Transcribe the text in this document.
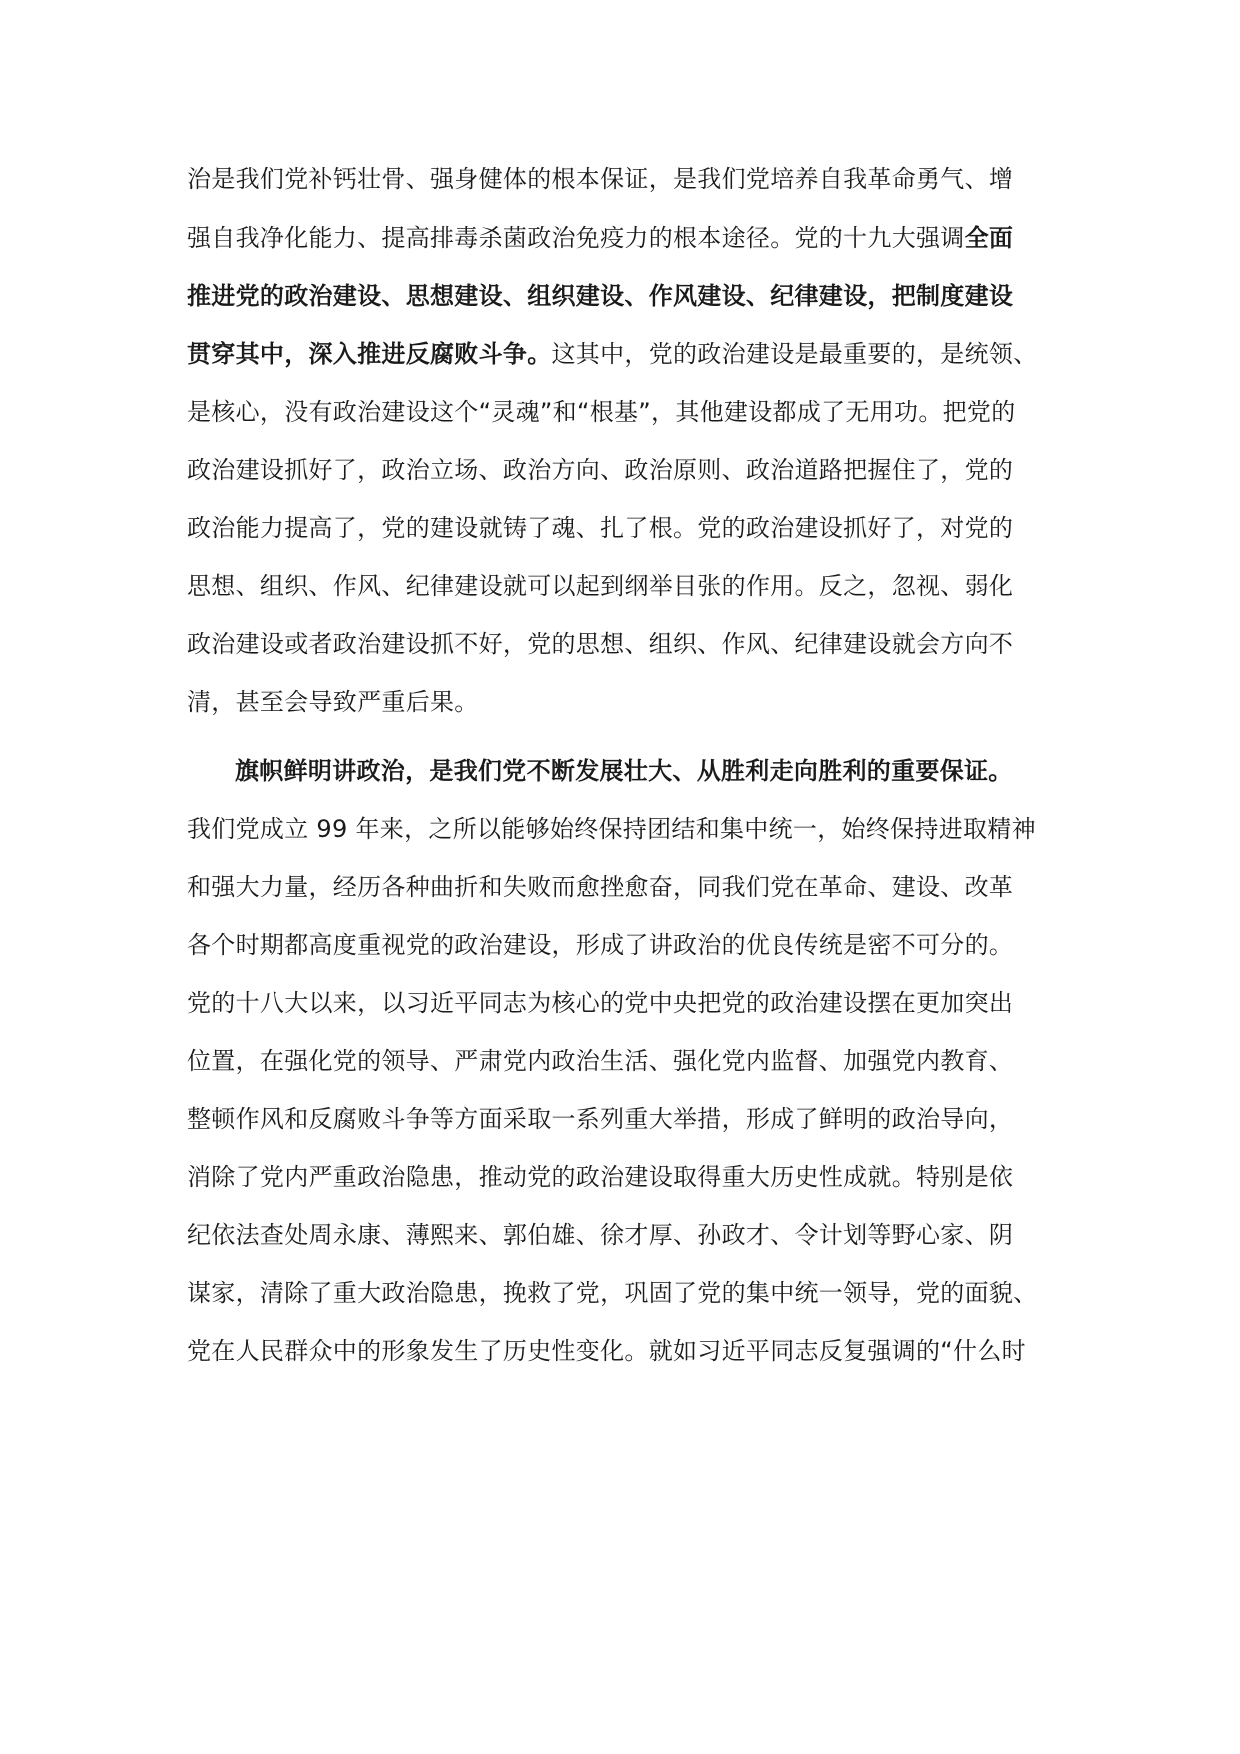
治是我们党补钙壮骨、强身健体的根本保证，是我们党培养自我革命勇气、增
强自我净化能力、提高排毒杀菌政治免疫力的根本途径。党的十九大强调全面
推进党的政治建设、思想建设、组织建设、作风建设、纪律建设，把制度建设
贯穿其中，深入推进反腐败斗争。这其中，党的政治建设是最重要的，是统领、
是核心，没有政治建设这个“灵魂”和“根基”，其他建设都成了无用功。把党的
政治建设抓好了，政治立场、政治方向、政治原则、政治道路把握住了，党的
政治能力提高了，党的建设就铸了魂、扎了根。党的政治建设抓好了，对党的
思想、组织、作风、纪律建设就可以起到纲举目张的作用。反之，忽视、弱化
政治建设或者政治建设抓不好，党的思想、组织、作风、纪律建设就会方向不
清，甚至会导致严重后果。
旗帜鲜明讲政治，是我们党不断发展壮大、从胜利走向胜利的重要保证。
我们党成立 99 年来，之所以能够始终保持团结和集中统一，始终保持进取精神
和强大力量，经历各种曲折和失败而愈挫愈奋，同我们党在革命、建设、改革
各个时期都高度重视党的政治建设，形成了讲政治的优良传统是密不可分的。
党的十八大以来，以习近平同志为核心的党中央把党的政治建设摆在更加突出
位置，在强化党的领导、严肃党内政治生活、强化党内监督、加强党内教育、
整顿作风和反腐败斗争等方面采取一系列重大举措，形成了鲜明的政治导向，
消除了党内严重政治隐患，推动党的政治建设取得重大历史性成就。特别是依
纪依法查处周永康、薄熙来、郭伯雄、徐才厚、孙政才、令计划等野心家、阴
谋家，清除了重大政治隐患，挽救了党，巩固了党的集中统一领导，党的面貌、
党在人民群众中的形象发生了历史性变化。就如习近平同志反复强调的“什么时
